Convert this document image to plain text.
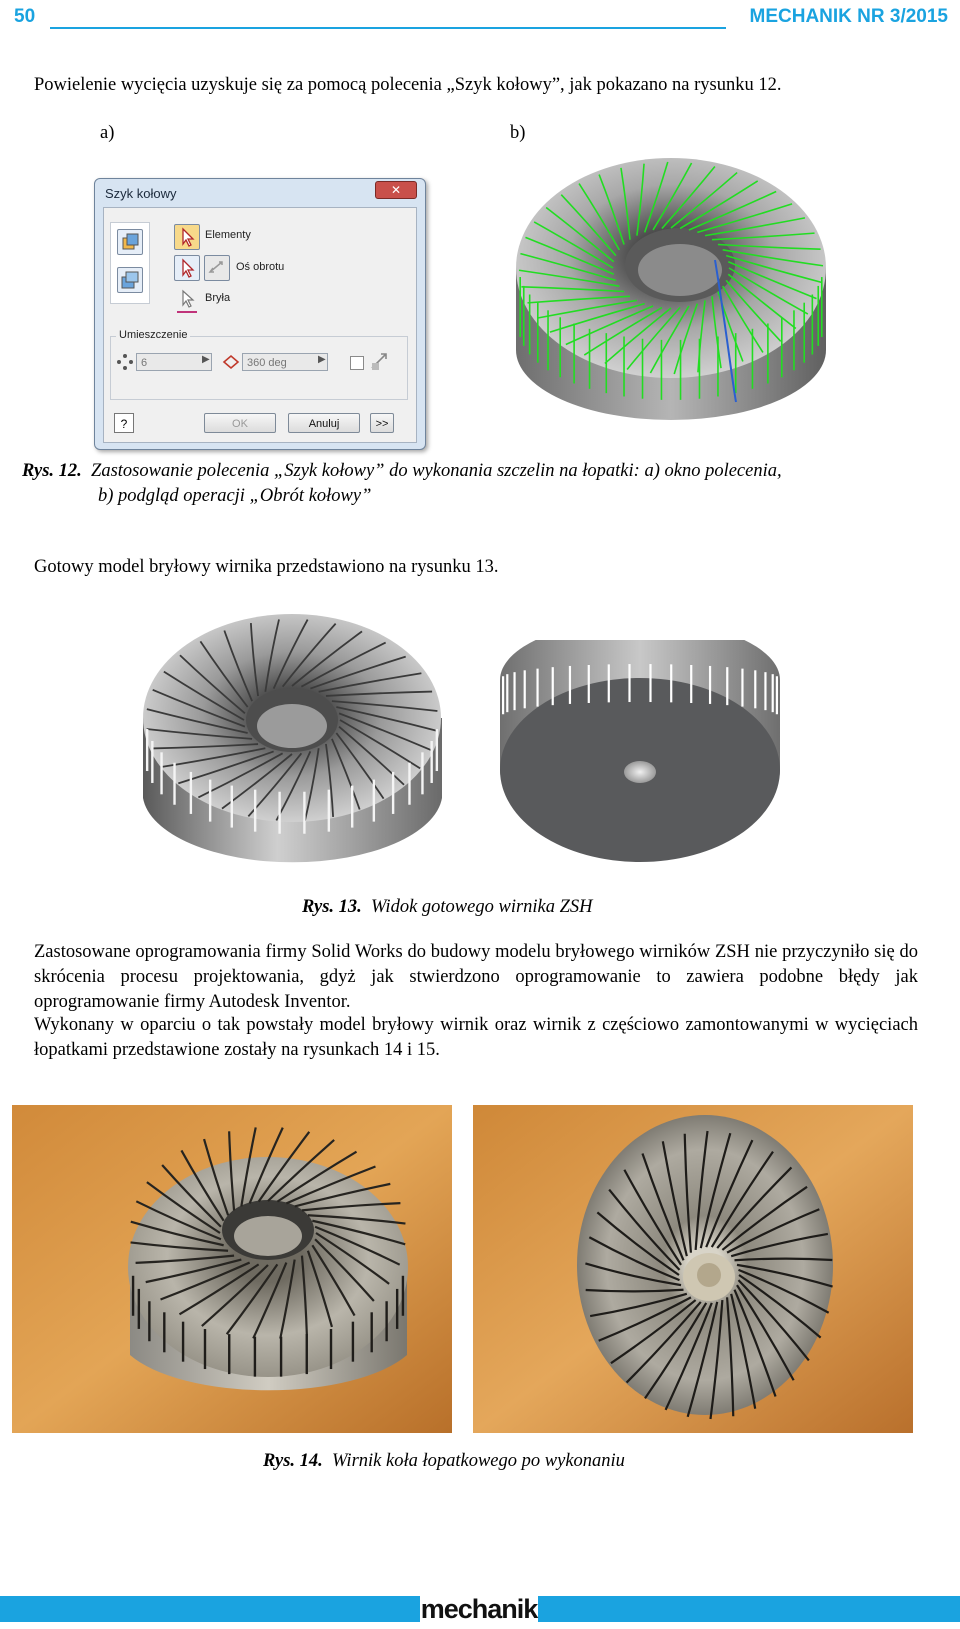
50	MECHANIK NR 3/2015
Powielenie wycięcia uzyskuje się za pomocą polecenia „Szyk kołowy”, jak pokazano na rysunku 12.
a)	b)
Szyk kołowy	✕
Elementy
Oś obrotu
Bryła
Umieszczenie
6	▶	360 deg	▶
?	OK	Anuluj	>>
Rys. 12. Zastosowanie polecenia „Szyk kołowy” do wykonania szczelin na łopatki: a) okno polecenia,
b) podgląd operacji „Obrót kołowy”
Gotowy model bryłowy wirnika przedstawiono na rysunku 13.
Rys. 13. Widok gotowego wirnika ZSH
Zastosowane oprogramowania firmy Solid Works do budowy modelu bryłowego wirników ZSH nie przyczyniło się do skrócenia procesu projektowania, gdyż jak stwierdzono oprogramowanie to zawiera podobne błędy jak oprogramowanie firmy Autodesk Inventor.
Wykonany w oparciu o tak powstały model bryłowy wirnik oraz wirnik z częściowo zamontowanymi w wycięciach łopatkami przedstawione zostały na rysunkach 14 i 15.
Rys. 14. Wirnik koła łopatkowego po wykonaniu
mechanik
